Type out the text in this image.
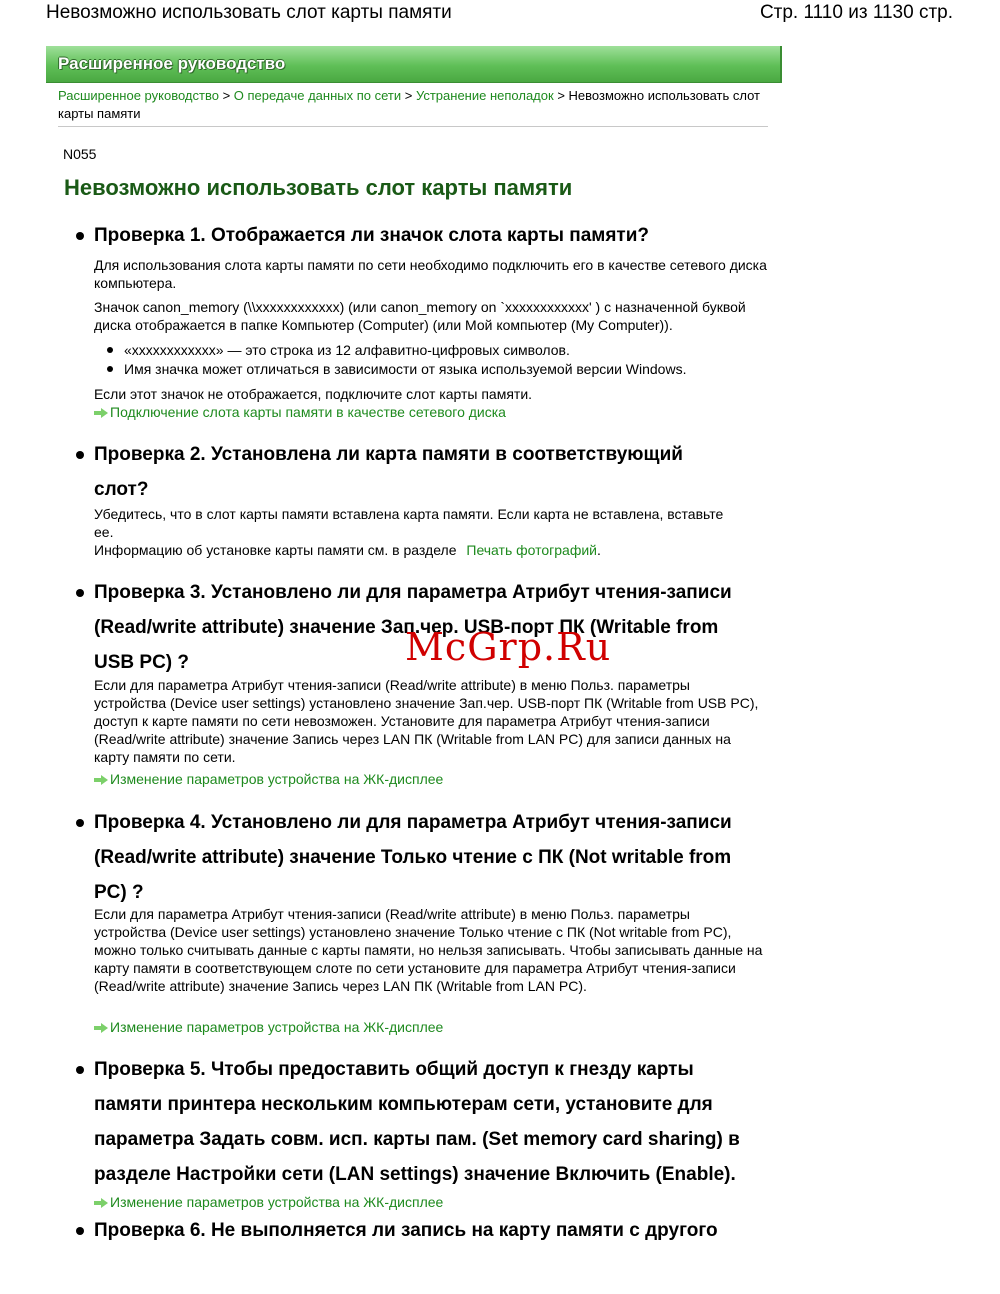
Невозможно использовать слот карты памяти	Стр. 1110 из 1130 стр.
Расширенное руководство
Расширенное руководство > О передаче данных по сети > Устранение неполадок > Невозможно использовать слот карты памяти
N055
Невозможно использовать слот карты памяти
Проверка 1. Отображается ли значок слота карты памяти?
Для использования слота карты памяти по сети необходимо подключить его в качестве сетевого диска компьютера.
Значок canon_memory (\\xxxxxxxxxxxx) (или canon_memory on `xxxxxxxxxxxx' ) с назначенной буквой диска отображается в папке Компьютер (Computer) (или Мой компьютер (My Computer)).
«xxxxxxxxxxxx» — это строка из 12 алфавитно-цифровых символов.
Имя значка может отличаться в зависимости от языка используемой версии Windows.
Если этот значок не отображается, подключите слот карты памяти.
Подключение слота карты памяти в качестве сетевого диска
Проверка 2. Установлена ли карта памяти в соответствующий
слот?
Убедитесь, что в слот карты памяти вставлена карта памяти. Если карта не вставлена, вставьте ее.
Информацию об установке карты памяти см. в разделе Печать фотографий.
Проверка 3. Установлено ли для параметра Атрибут чтения-записи
(Read/write attribute) значение Зап.чер. USB-порт ПК (Writable from
USB PC) ?
Если для параметра Атрибут чтения-записи (Read/write attribute) в меню Польз. параметры устройства (Device user settings) установлено значение Зап.чер. USB-порт ПК (Writable from USB PC), доступ к карте памяти по сети невозможен. Установите для параметра Атрибут чтения-записи (Read/write attribute) значение Запись через LAN ПК (Writable from LAN PC) для записи данных на карту памяти по сети.
Изменение параметров устройства на ЖК-дисплее
Проверка 4. Установлено ли для параметра Атрибут чтения-записи
(Read/write attribute) значение Только чтение с ПК (Not writable from
PC) ?
Если для параметра Атрибут чтения-записи (Read/write attribute) в меню Польз. параметры устройства (Device user settings) установлено значение Только чтение с ПК (Not writable from PC), можно только считывать данные с карты памяти, но нельзя записывать. Чтобы записывать данные на карту памяти в соответствующем слоте по сети установите для параметра Атрибут чтения-записи (Read/write attribute) значение Запись через LAN ПК (Writable from LAN PC).
Изменение параметров устройства на ЖК-дисплее
Проверка 5. Чтобы предоставить общий доступ к гнезду карты
памяти принтера нескольким компьютерам сети, установите для
параметра Задать совм. исп. карты пам. (Set memory card sharing) в
разделе Настройки сети (LAN settings) значение Включить (Enable).
Изменение параметров устройства на ЖК-дисплее
Проверка 6. Не выполняется ли запись на карту памяти с другого
McGrp.Ru
